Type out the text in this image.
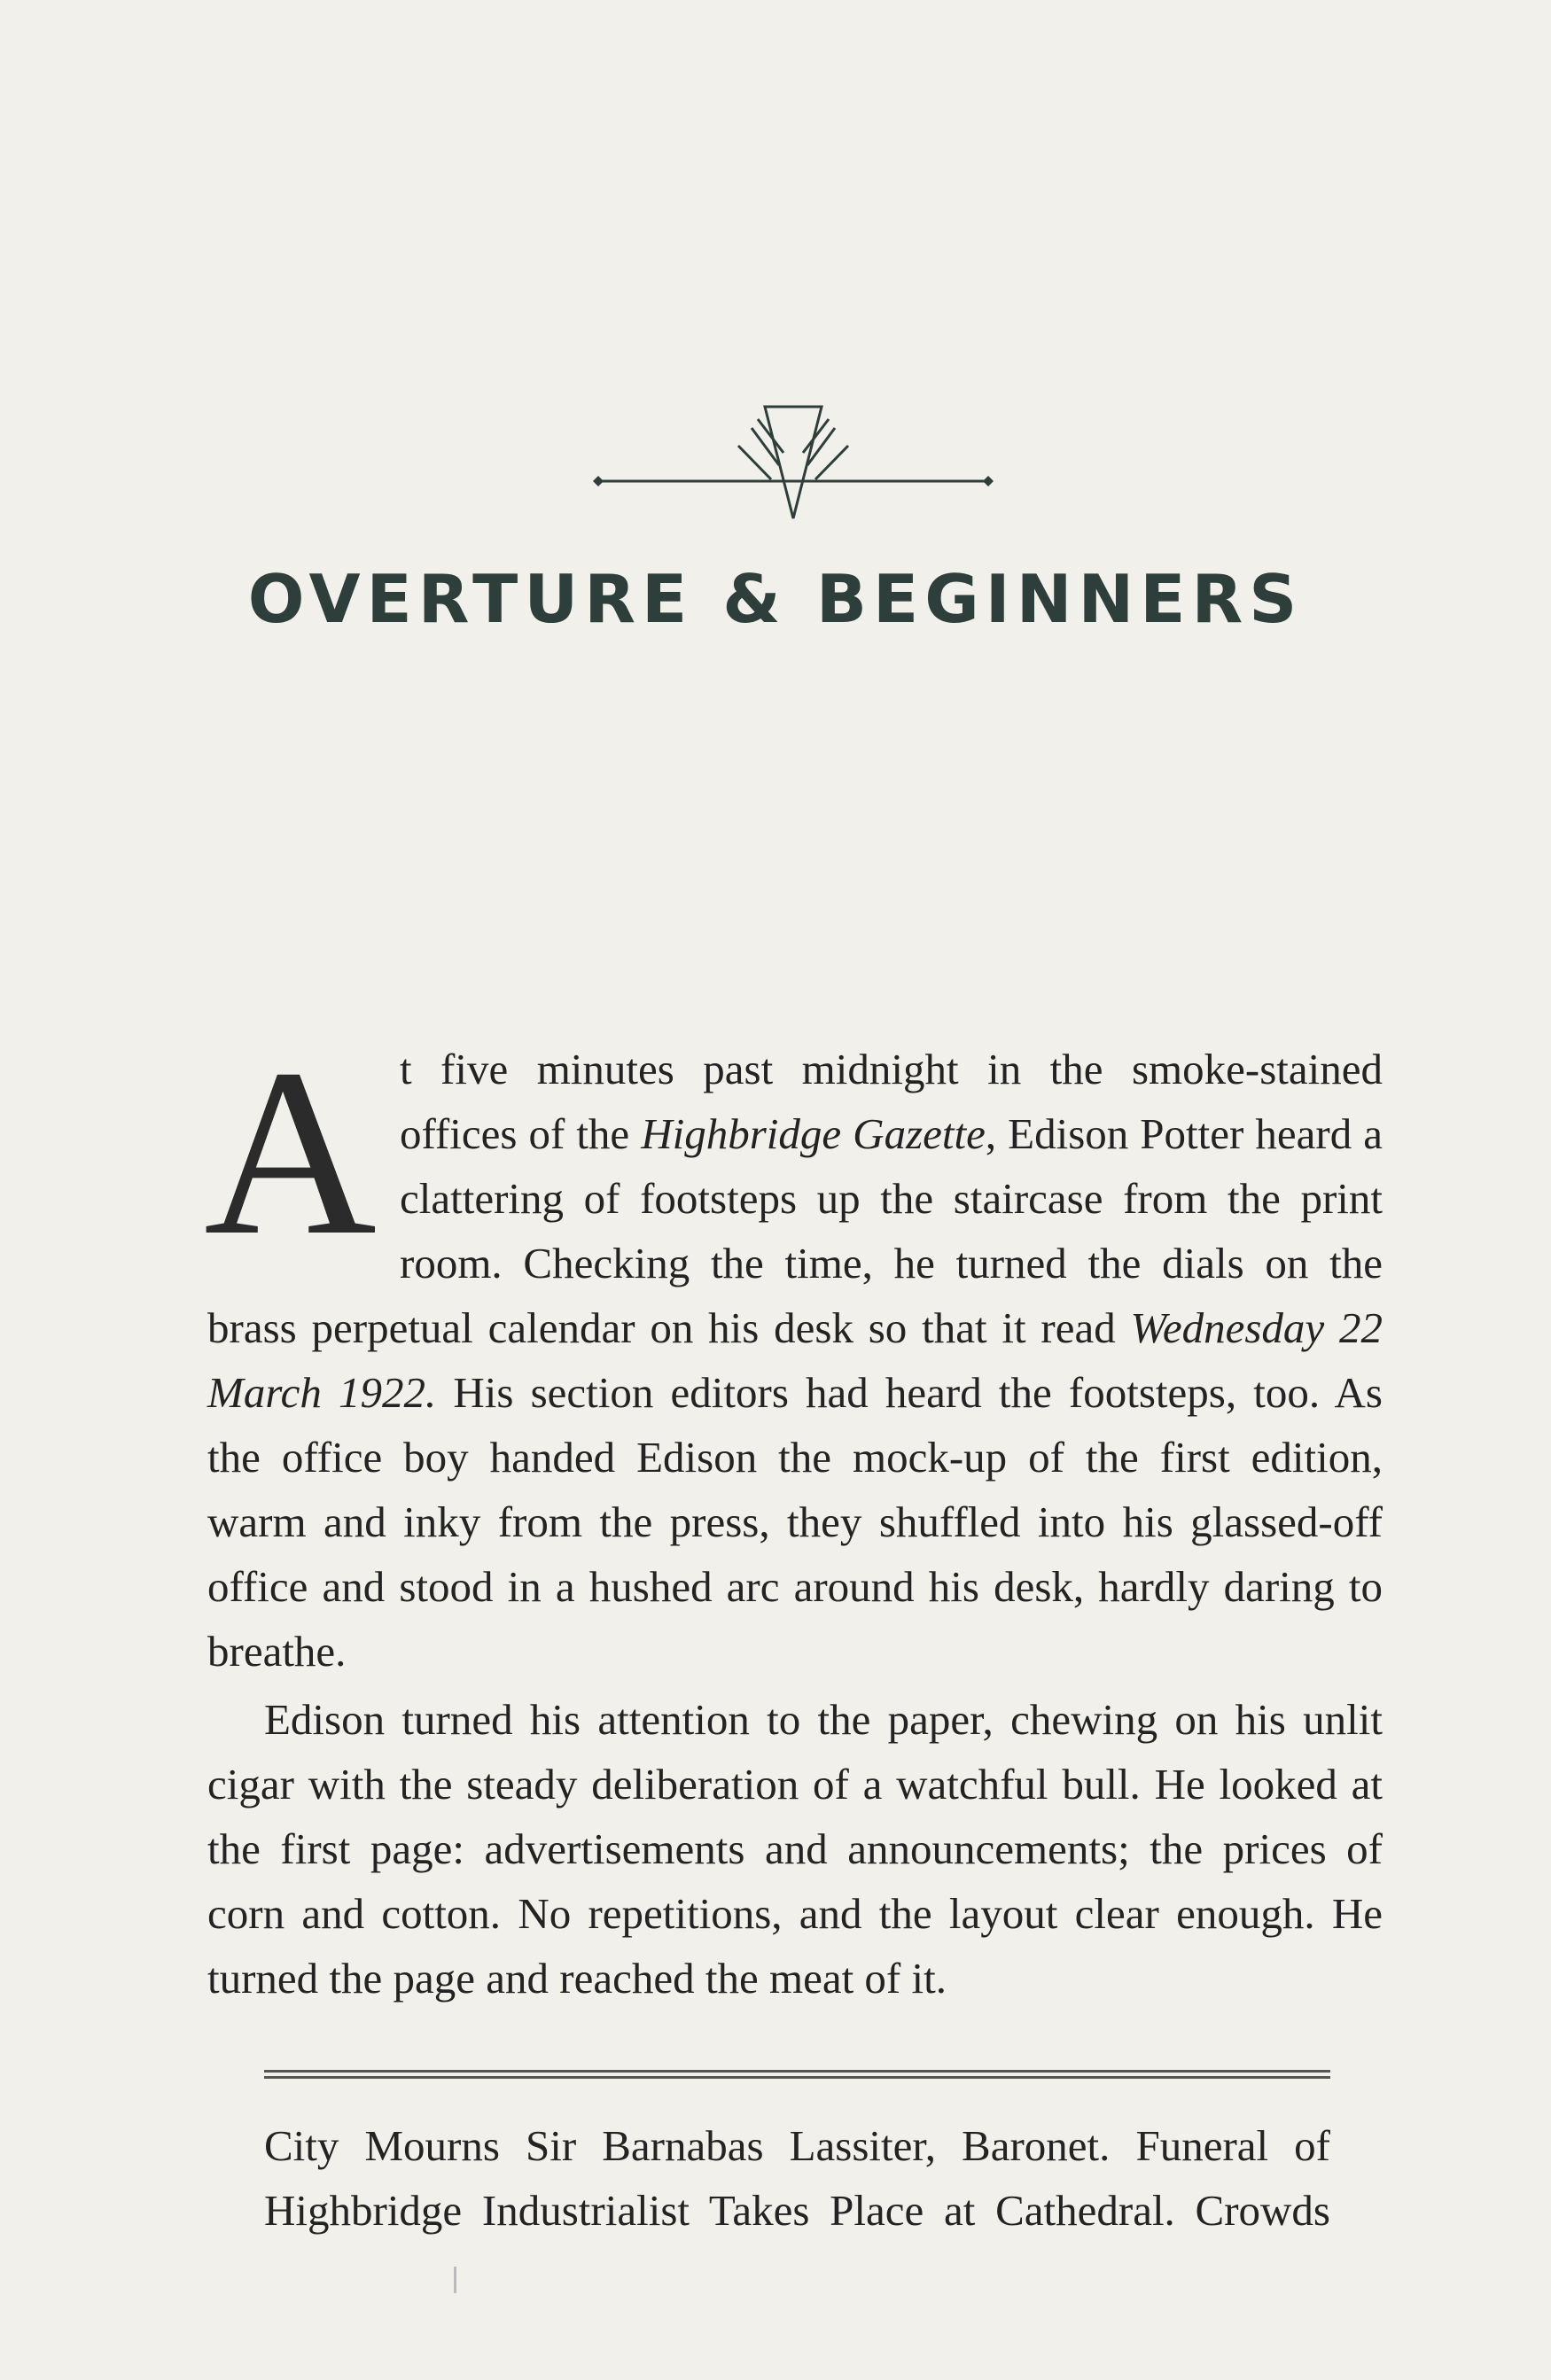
OVERTURE & BEGINNERS

At five minutes past midnight in the smoke-stained offices of the Highbridge Gazette, Edison Potter heard a clattering of footsteps up the staircase from the print room. Checking the time, he turned the dials on the brass perpetual calendar on his desk so that it read Wednesday 22 March 1922. His section editors had heard the footsteps, too. As the office boy handed Edison the mock-up of the first edition, warm and inky from the press, they shuffled into his glassed-off office and stood in a hushed arc around his desk, hardly daring to breathe.

Edison turned his attention to the paper, chewing on his unlit cigar with the steady deliberation of a watchful bull. He looked at the first page: advertisements and announcements; the prices of corn and cotton. No repetitions, and the layout clear enough. He turned the page and reached the meat of it.

City Mourns Sir Barnabas Lassiter, Baronet. Funeral of Highbridge Industrialist Takes Place at Cathedral. Crowds
